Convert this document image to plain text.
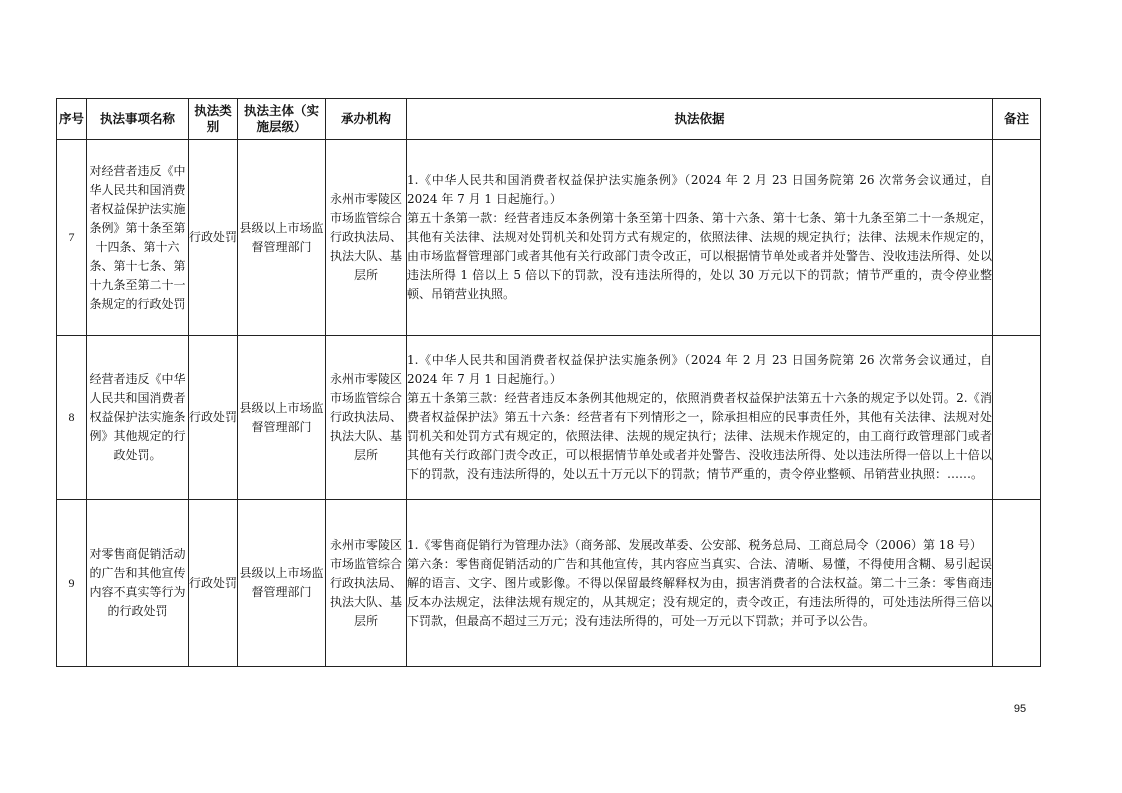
序号	执法事项名称	执法类别	执法主体（实施层级）	承办机构	执法依据	备注
7	对经营者违反《中华人民共和国消费者权益保护法实施条例》第十条至第十四条、第十六条、第十七条、第十九条至第二十一条规定的行政处罚	行政处罚	县级以上市场监督管理部门	永州市零陵区市场监管综合行政执法局、执法大队、基层所	1.《中华人民共和国消费者权益保护法实施条例》（2024 年 2 月 23 日国务院第 26 次常务会议通过，自 2024 年 7 月 1 日起施行。）

第五十条第一款：经营者违反本条例第十条至第十四条、第十六条、第十七条、第十九条至第二十一条规定，其他有关法律、法规对处罚机关和处罚方式有规定的，依照法律、法规的规定执行；法律、法规未作规定的，由市场监督管理部门或者其他有关行政部门责令改正，可以根据情节单处或者并处警告、没收违法所得、处以违法所得 1 倍以上 5 倍以下的罚款，没有违法所得的，处以 30 万元以下的罚款；情节严重的，责令停业整顿、吊销营业执照。	

8	经营者违反《中华人民共和国消费者权益保护法实施条例》其他规定的行政处罚。	行政处罚	县级以上市场监督管理部门	永州市零陵区市场监管综合行政执法局、执法大队、基层所	1.《中华人民共和国消费者权益保护法实施条例》（2024 年 2 月 23 日国务院第 26 次常务会议通过，自 2024 年 7 月 1 日起施行。）

第五十条第三款：经营者违反本条例其他规定的，依照消费者权益保护法第五十六条的规定予以处罚。2.《消费者权益保护法》第五十六条：经营者有下列情形之一，除承担相应的民事责任外，其他有关法律、法规对处罚机关和处罚方式有规定的，依照法律、法规的规定执行；法律、法规未作规定的，由工商行政管理部门或者其他有关行政部门责令改正，可以根据情节单处或者并处警告、没收违法所得、处以违法所得一倍以上十倍以下的罚款，没有违法所得的，处以五十万元以下的罚款；情节严重的，责令停业整顿、吊销营业执照：……。	

9	对零售商促销活动的广告和其他宣传内容不真实等行为的行政处罚	行政处罚	县级以上市场监督管理部门	永州市零陵区市场监管综合行政执法局、执法大队、基层所	1.《零售商促销行为管理办法》（商务部、发展改革委、公安部、税务总局、工商总局令（2006）第 18 号）

第六条：零售商促销活动的广告和其他宣传，其内容应当真实、合法、清晰、易懂，不得使用含糊、易引起误解的语言、文字、图片或影像。不得以保留最终解释权为由，损害消费者的合法权益。第二十三条：零售商违反本办法规定，法律法规有规定的，从其规定；没有规定的，责令改正，有违法所得的，可处违法所得三倍以下罚款，但最高不超过三万元；没有违法所得的，可处一万元以下罚款；并可予以公告。	

95
